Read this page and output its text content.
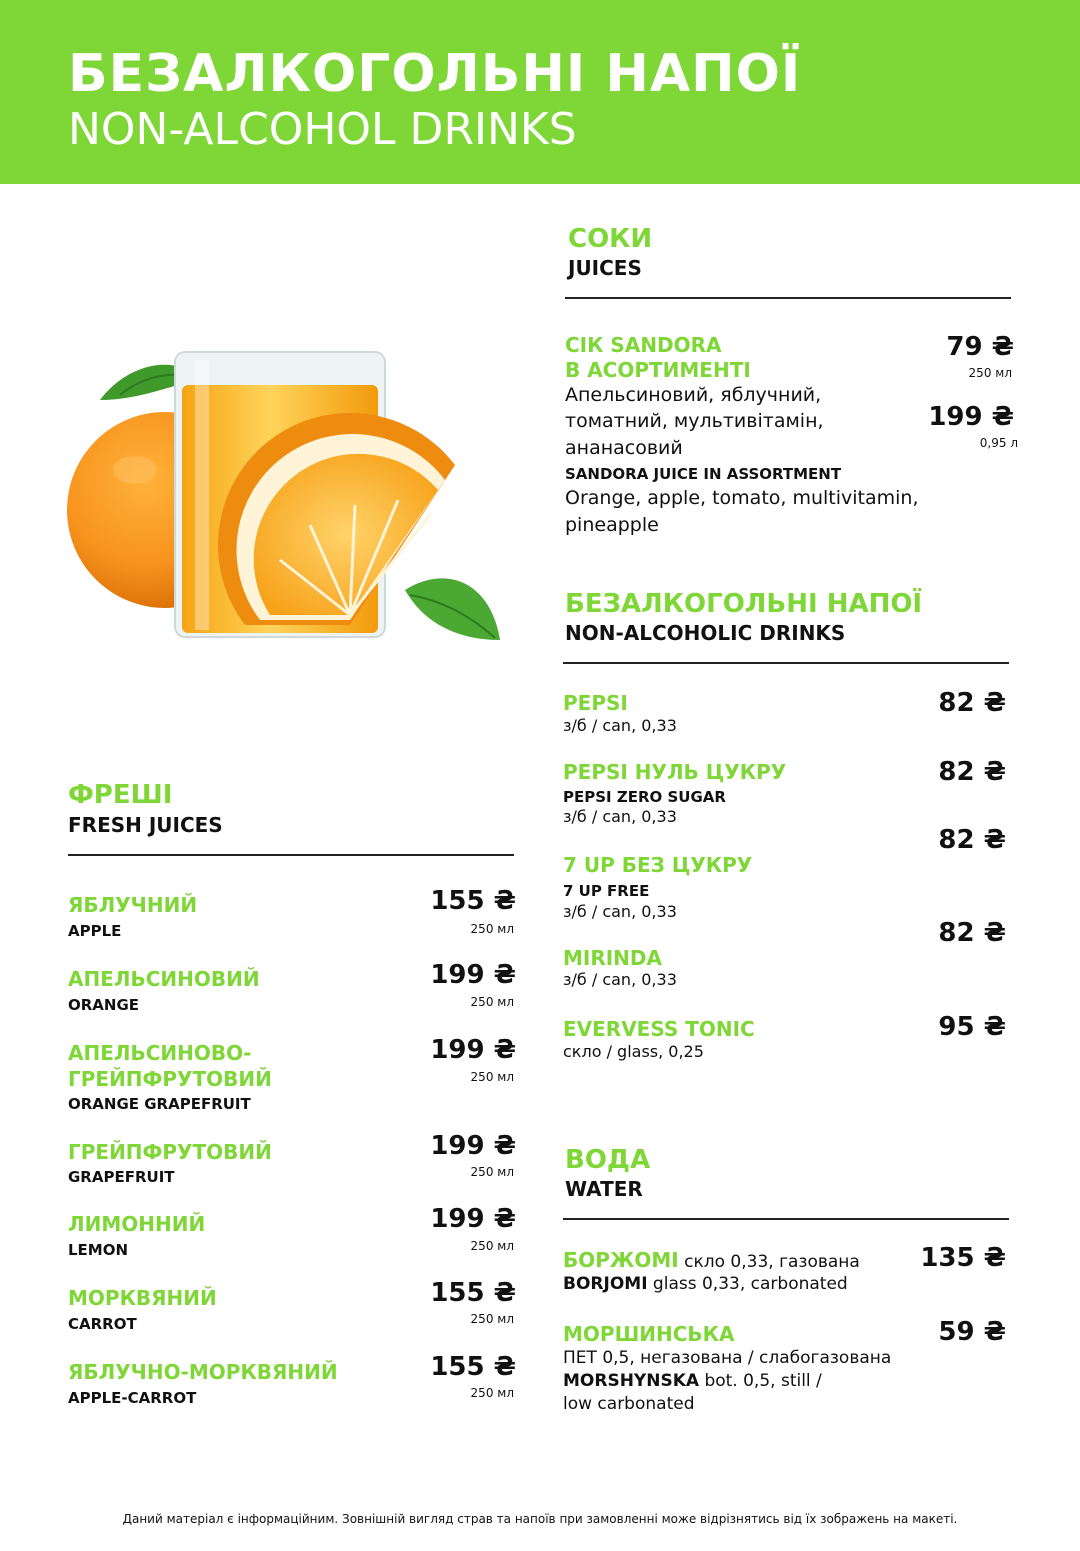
БЕЗАЛКОГОЛЬНІ НАПОЇ
NON-ALCOHOL DRINKS
ФРЕШІ
FRESH JUICES
ЯБЛУЧНИЙ
APPLE
155 ₴
250 мл
АПЕЛЬСИНОВИЙ
ORANGE
199 ₴
250 мл
АПЕЛЬСИНОВО-
ГРЕЙПФРУТОВИЙ
ORANGE GRAPEFRUIT
199 ₴
250 мл
ГРЕЙПФРУТОВИЙ
GRAPEFRUIT
199 ₴
250 мл
ЛИМОННИЙ
LEMON
199 ₴
250 мл
МОРКВЯНИЙ
CARROT
155 ₴
250 мл
ЯБЛУЧНО-МОРКВЯНИЙ
APPLE-CARROT
155 ₴
250 мл
СОКИ
JUICES
СІК SANDORA
В АСОРТИМЕНТІ
Апельсиновий, яблучний,
томатний, мультивітамін,
ананасовий
SANDORA JUICE IN ASSORTMENT
Orange, apple, tomato, multivitamin,
pineapple
79 ₴
250 мл
199 ₴
0,95 л
БЕЗАЛКОГОЛЬНІ НАПОЇ
NON-ALCOHOLIC DRINKS
PEPSI
з/б / can, 0,33
82 ₴
PEPSI НУЛЬ ЦУКРУ
PEPSI ZERO SUGAR
з/б / can, 0,33
82 ₴
7 UP БЕЗ ЦУКРУ
7 UP FREE
з/б / can, 0,33
82 ₴
MIRINDA
з/б / can, 0,33
82 ₴
EVERVESS TONIC
скло / glass, 0,25
95 ₴
ВОДА
WATER
БОРЖОМІ скло 0,33, газована
BORJOMI glass 0,33, carbonated
135 ₴
МОРШИНСЬКА
ПЕТ 0,5, негазована / слабогазована
MORSHYNSKA bot. 0,5, still /
low carbonated
59 ₴
Даний матеріал є інформаційним. Зовнішній вигляд страв та напоїв при замовленні може відрізнятись від їх зображень на макеті.
